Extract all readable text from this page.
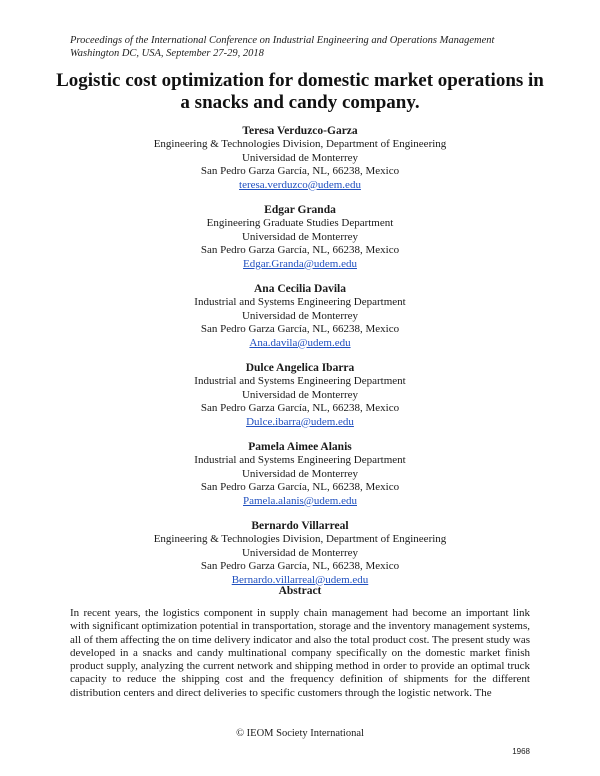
Proceedings of the International Conference on Industrial Engineering and Operations Management
Washington DC, USA, September 27-29, 2018
Logistic cost optimization for domestic market operations in
a snacks and candy company.
Teresa Verduzco-Garza
Engineering & Technologies Division, Department of Engineering
Universidad de Monterrey
San Pedro Garza García, NL, 66238, Mexico
teresa.verduzco@udem.edu
Edgar Granda
Engineering Graduate Studies Department
Universidad de Monterrey
San Pedro Garza García, NL, 66238, Mexico
Edgar.Granda@udem.edu
Ana Cecilia Davila
Industrial and Systems Engineering Department
Universidad de Monterrey
San Pedro Garza García, NL, 66238, Mexico
Ana.davila@udem.edu
Dulce Angelica Ibarra
Industrial and Systems Engineering Department
Universidad de Monterrey
San Pedro Garza García, NL, 66238, Mexico
Dulce.ibarra@udem.edu
Pamela Aimee Alanis
Industrial and Systems Engineering Department
Universidad de Monterrey
San Pedro Garza García, NL, 66238, Mexico
Pamela.alanis@udem.edu
Bernardo Villarreal
Engineering & Technologies Division, Department of Engineering
Universidad de Monterrey
San Pedro Garza García, NL, 66238, Mexico
Bernardo.villarreal@udem.edu
Abstract
In recent years, the logistics component in supply chain management had become an important link with significant optimization potential in transportation, storage and the inventory management systems, all of them affecting the on time delivery indicator and also the total product cost. The present study was developed in a snacks and candy multinational company specifically on the domestic market finish product supply, analyzing the current network and shipping method in order to provide an optimal truck capacity to reduce the shipping cost and the frequency definition of shipments for the different distribution centers and direct deliveries to specific customers through the logistic network. The
© IEOM Society International
1968
